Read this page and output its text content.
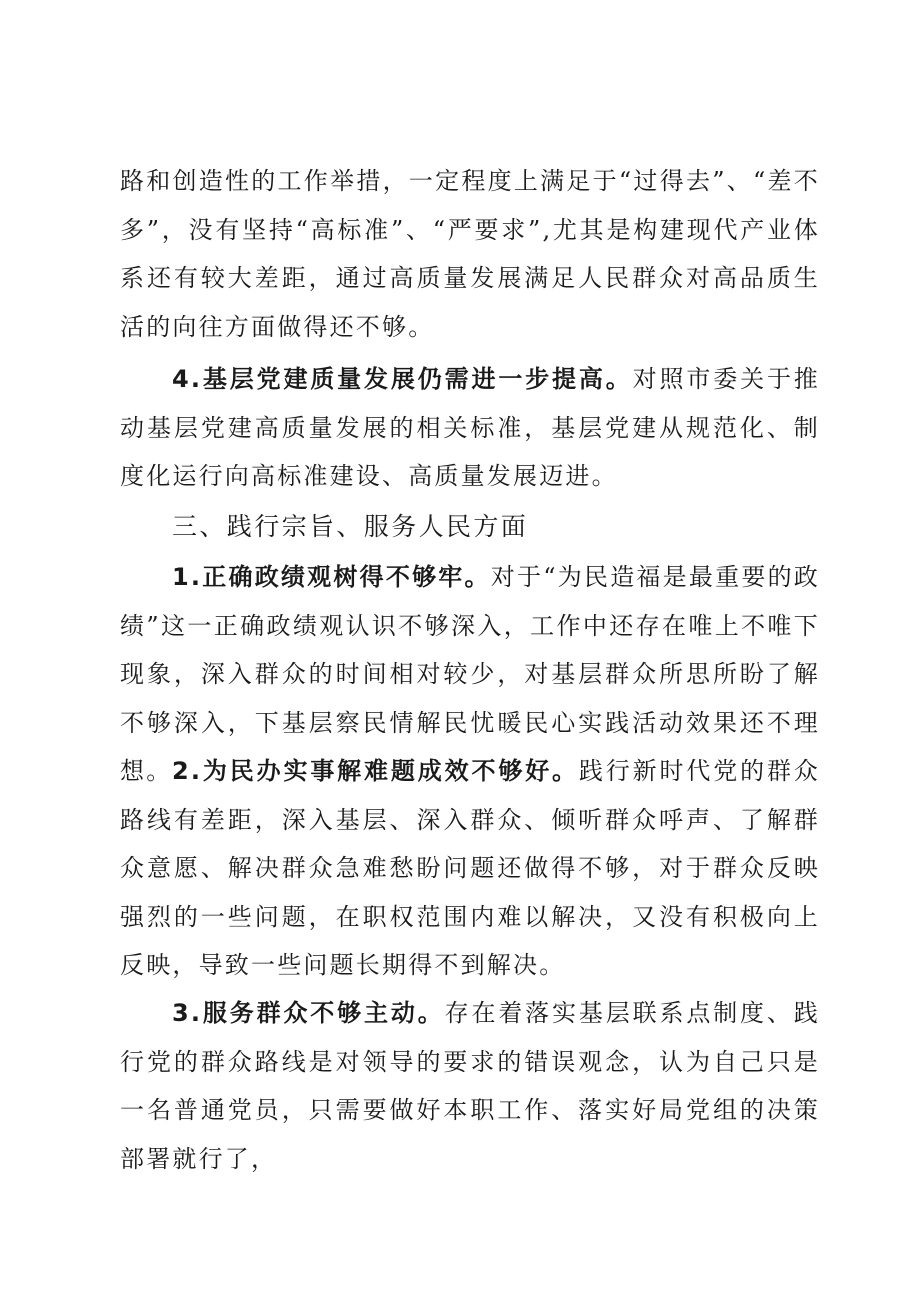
路和创造性的工作举措，一定程度上满足于“过得去”、“差不多”，没有坚持“高标准”、“严要求”,尤其是构建现代产业体系还有较大差距，通过高质量发展满足人民群众对高品质生活的向往方面做得还不够。

4.基层党建质量发展仍需进一步提高。对照市委关于推动基层党建高质量发展的相关标准，基层党建从规范化、制度化运行向高标准建设、高质量发展迈进。

三、践行宗旨、服务人民方面

1.正确政绩观树得不够牢。对于“为民造福是最重要的政绩”这一正确政绩观认识不够深入，工作中还存在唯上不唯下现象，深入群众的时间相对较少，对基层群众所思所盼了解不够深入，下基层察民情解民忧暖民心实践活动效果还不理想。 2.为民办实事解难题成效不够好。践行新时代党的群众路线有差距，深入基层、深入群众、倾听群众呼声、了解群众意愿、解决群众急难愁盼问题还做得不够，对于群众反映强烈的一些问题，在职权范围内难以解决，又没有积极向上反映，导致一些问题长期得不到解决。

3.服务群众不够主动。存在着落实基层联系点制度、践行党的群众路线是对领导的要求的错误观念，认为自己只是一名普通党员，只需要做好本职工作、落实好局党组的决策部署就行了，
